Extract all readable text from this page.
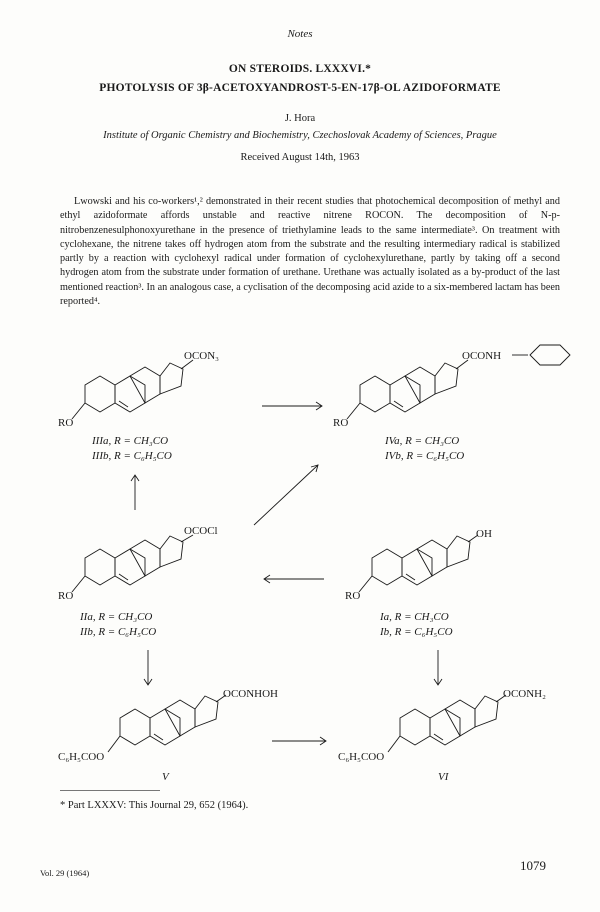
Notes
ON STEROIDS. LXXXVI.*
PHOTOLYSIS OF 3β-ACETOXYANDROST-5-EN-17β-OL AZIDOFORMATE
J. Hora
Institute of Organic Chemistry and Biochemistry, Czechoslovak Academy of Sciences, Prague
Received August 14th, 1963

Lwowski and his co-workers¹,² demonstrated in their recent studies that photochemical decomposition of methyl and ethyl azidoformate affords unstable and reactive nitrene ROCON. The decomposition of N-p-nitrobenzenesulphonoxyurethane in the presence of triethylamine leads to the same intermediate³. On treatment with cyclohexane, the nitrene takes off hydrogen atom from the substrate and the resulting intermediary radical is stabilized partly by a reaction with cyclohexyl radical under formation of cyclohexylurethane, partly by taking off a second hydrogen atom from the substrate under formation of urethane. Urethane was actually isolated as a by-product of the last mentioned reaction³. In an analogous case, a cyclisation of the decomposing acid azide to a six-membered lactam has been reported⁴.

OCON₃
RO
IIIa, R = CH₃CO
IIIb, R = C₆H₅CO
OCONH
RO
IVa, R = CH₃CO
IVb, R = C₆H₅CO
OCOCl
RO
IIa, R = CH₃CO
IIb, R = C₆H₅CO
OH
RO
Ia, R = CH₃CO
Ib, R = C₆H₅CO
OCONHOH
C₆H₅COO
V
OCONH₂
C₆H₅COO
VI
* Part LXXXV: This Journal 29, 652 (1964).
Vol. 29 (1964)	1079
